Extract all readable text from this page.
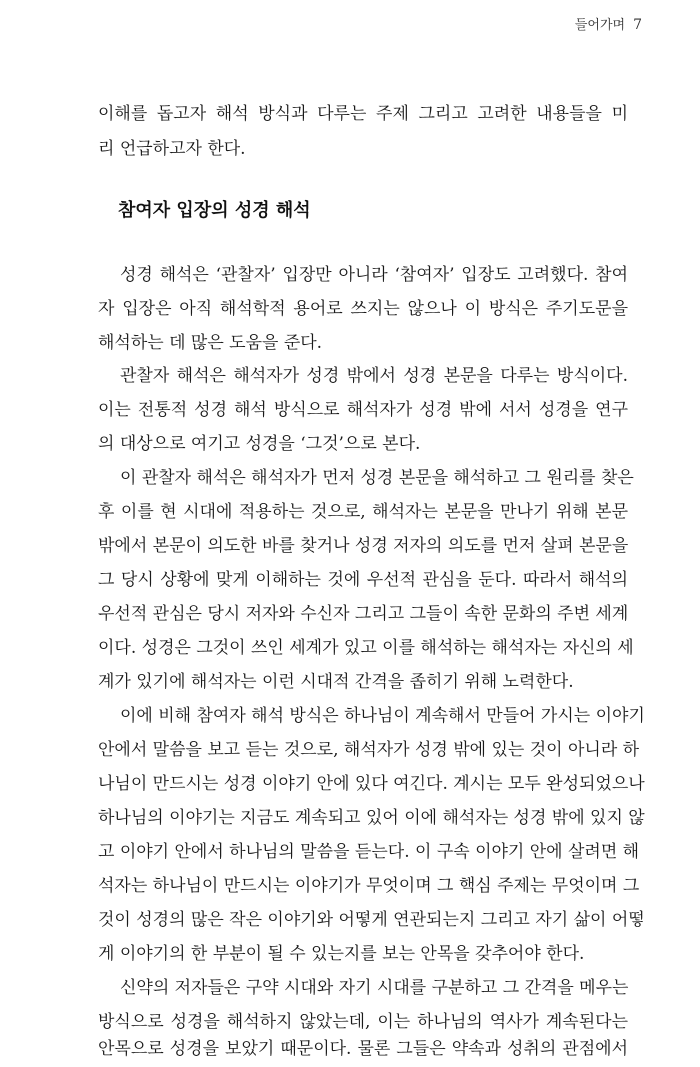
들어가며 7
이해를 돕고자 해석 방식과 다루는 주제 그리고 고려한 내용들을 미
리 언급하고자 한다.
참여자 입장의 성경 해석
성경 해석은 ‘관찰자’ 입장만 아니라 ‘참여자’ 입장도 고려했다. 참여
자 입장은 아직 해석학적 용어로 쓰지는 않으나 이 방식은 주기도문을
해석하는 데 많은 도움을 준다.
관찰자 해석은 해석자가 성경 밖에서 성경 본문을 다루는 방식이다.
이는 전통적 성경 해석 방식으로 해석자가 성경 밖에 서서 성경을 연구
의 대상으로 여기고 성경을 ‘그것’으로 본다.
이 관찰자 해석은 해석자가 먼저 성경 본문을 해석하고 그 원리를 찾은
후 이를 현 시대에 적용하는 것으로, 해석자는 본문을 만나기 위해 본문
밖에서 본문이 의도한 바를 찾거나 성경 저자의 의도를 먼저 살펴 본문을
그 당시 상황에 맞게 이해하는 것에 우선적 관심을 둔다. 따라서 해석의
우선적 관심은 당시 저자와 수신자 그리고 그들이 속한 문화의 주변 세계
이다. 성경은 그것이 쓰인 세계가 있고 이를 해석하는 해석자는 자신의 세
계가 있기에 해석자는 이런 시대적 간격을 좁히기 위해 노력한다.
이에 비해 참여자 해석 방식은 하나님이 계속해서 만들어 가시는 이야기
안에서 말씀을 보고 듣는 것으로, 해석자가 성경 밖에 있는 것이 아니라 하
나님이 만드시는 성경 이야기 안에 있다 여긴다. 계시는 모두 완성되었으나
하나님의 이야기는 지금도 계속되고 있어 이에 해석자는 성경 밖에 있지 않
고 이야기 안에서 하나님의 말씀을 듣는다. 이 구속 이야기 안에 살려면 해
석자는 하나님이 만드시는 이야기가 무엇이며 그 핵심 주제는 무엇이며 그
것이 성경의 많은 작은 이야기와 어떻게 연관되는지 그리고 자기 삶이 어떻
게 이야기의 한 부분이 될 수 있는지를 보는 안목을 갖추어야 한다.
신약의 저자들은 구약 시대와 자기 시대를 구분하고 그 간격을 메우는
방식으로 성경을 해석하지 않았는데, 이는 하나님의 역사가 계속된다는
안목으로 성경을 보았기 때문이다. 물론 그들은 약속과 성취의 관점에서
